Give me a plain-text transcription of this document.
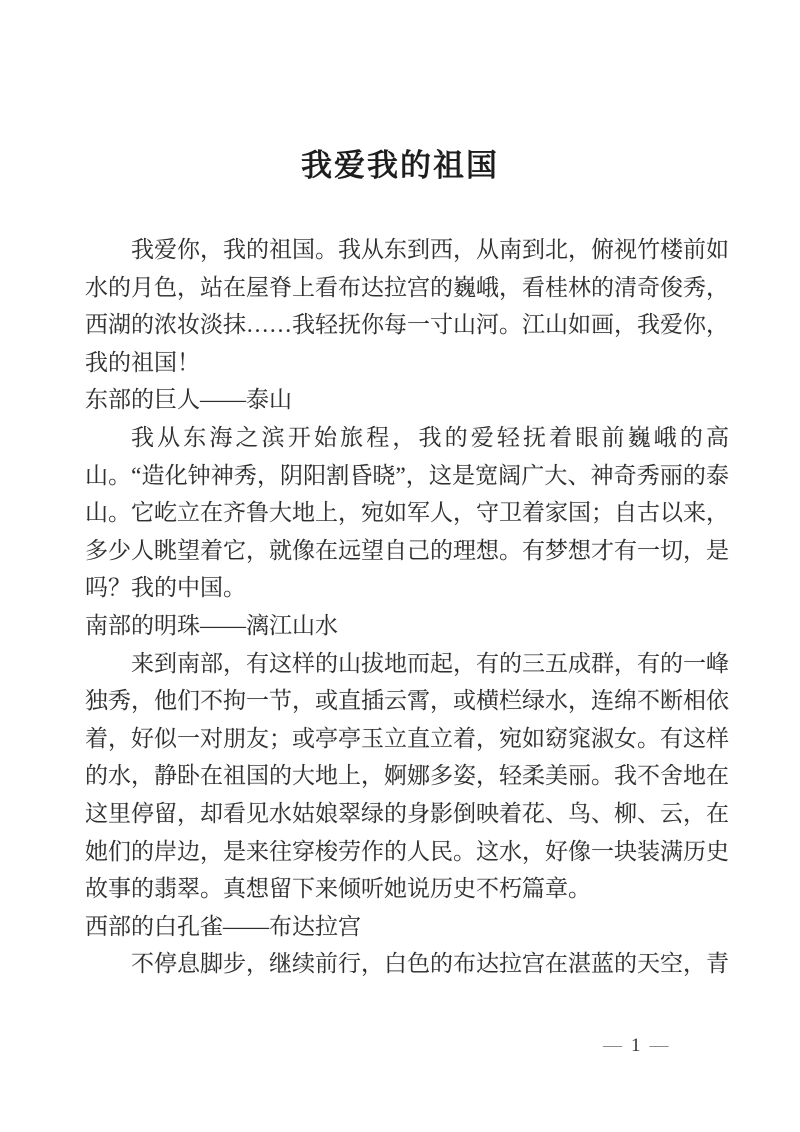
我爱我的祖国
我爱你，我的祖国。我从东到西，从南到北，俯视竹楼前如水的月色，站在屋脊上看布达拉宫的巍峨，看桂林的清奇俊秀，西湖的浓妆淡抹……我轻抚你每一寸山河。江山如画，我爱你，我的祖国！
东部的巨人——泰山
我从东海之滨开始旅程，我的爱轻抚着眼前巍峨的高山。“造化钟神秀，阴阳割昏晓”，这是宽阔广大、神奇秀丽的泰山。它屹立在齐鲁大地上，宛如军人，守卫着家国；自古以来，多少人眺望着它，就像在远望自己的理想。有梦想才有一切，是吗？我的中国。
南部的明珠——漓江山水
来到南部，有这样的山拔地而起，有的三五成群，有的一峰独秀，他们不拘一节，或直插云霄，或横栏绿水，连绵不断相依着，好似一对朋友；或亭亭玉立直立着，宛如窈窕淑女。有这样的水，静卧在祖国的大地上，婀娜多姿，轻柔美丽。我不舍地在这里停留，却看见水姑娘翠绿的身影倒映着花、鸟、柳、云，在她们的岸边，是来往穿梭劳作的人民。这水，好像一块装满历史故事的翡翠。真想留下来倾听她说历史不朽篇章。
西部的白孔雀——布达拉宫
不停息脚步，继续前行，白色的布达拉宫在湛蓝的天空，青
— 1 —
